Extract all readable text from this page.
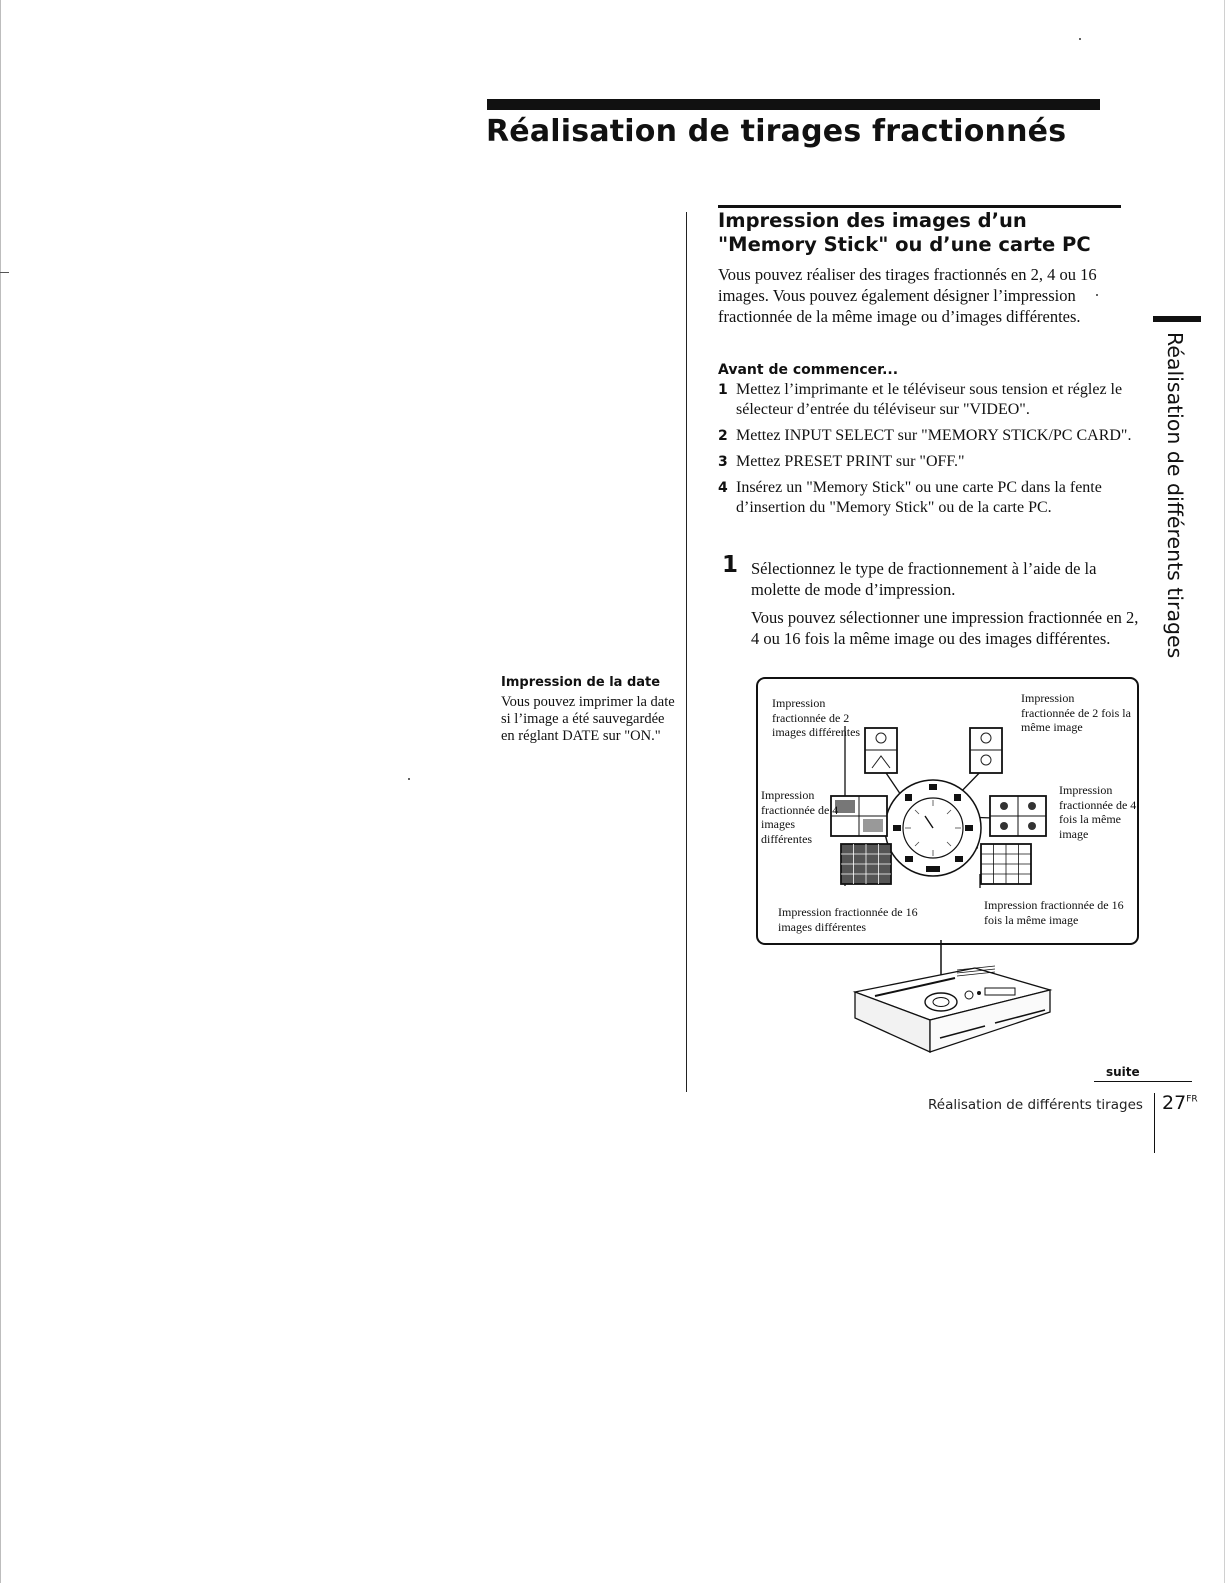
Réalisation de tirages fractionnés

Impression de la date

Vous pouvez imprimer la date si l’image a été sauvegardée en réglant DATE sur "ON."

Impression des images d’un "Memory Stick" ou d’une carte PC

Vous pouvez réaliser des tirages fractionnés en 2, 4 ou 16 images. Vous pouvez également désigner l’impression fractionnée de la même image ou d’images différentes.

Avant de commencer...

1 Mettez l’imprimante et le téléviseur sous tension et réglez le sélecteur d’entrée du téléviseur sur "VIDEO".
2 Mettez INPUT SELECT sur "MEMORY STICK/PC CARD".
3 Mettez PRESET PRINT sur "OFF."
4 Insérez un "Memory Stick" ou une carte PC dans la fente d’insertion du "Memory Stick" ou de la carte PC.
1 Sélectionnez le type de fractionnement à l’aide de la molette de mode d’impression.

Vous pouvez sélectionner une impression fractionnée en 2, 4 ou 16 fois la même image ou des images différentes.

Impression fractionnée de 2 images différentes
Impression fractionnée de 2 fois la même image
Impression fractionnée de 4 images différentes
Impression fractionnée de 4 fois la même image
Impression fractionnée de 16 images différentes
Impression fractionnée de 16 fois la même image
Réalisation de différents tirages

suite

Réalisation de différents tirages $27^{FR}$
